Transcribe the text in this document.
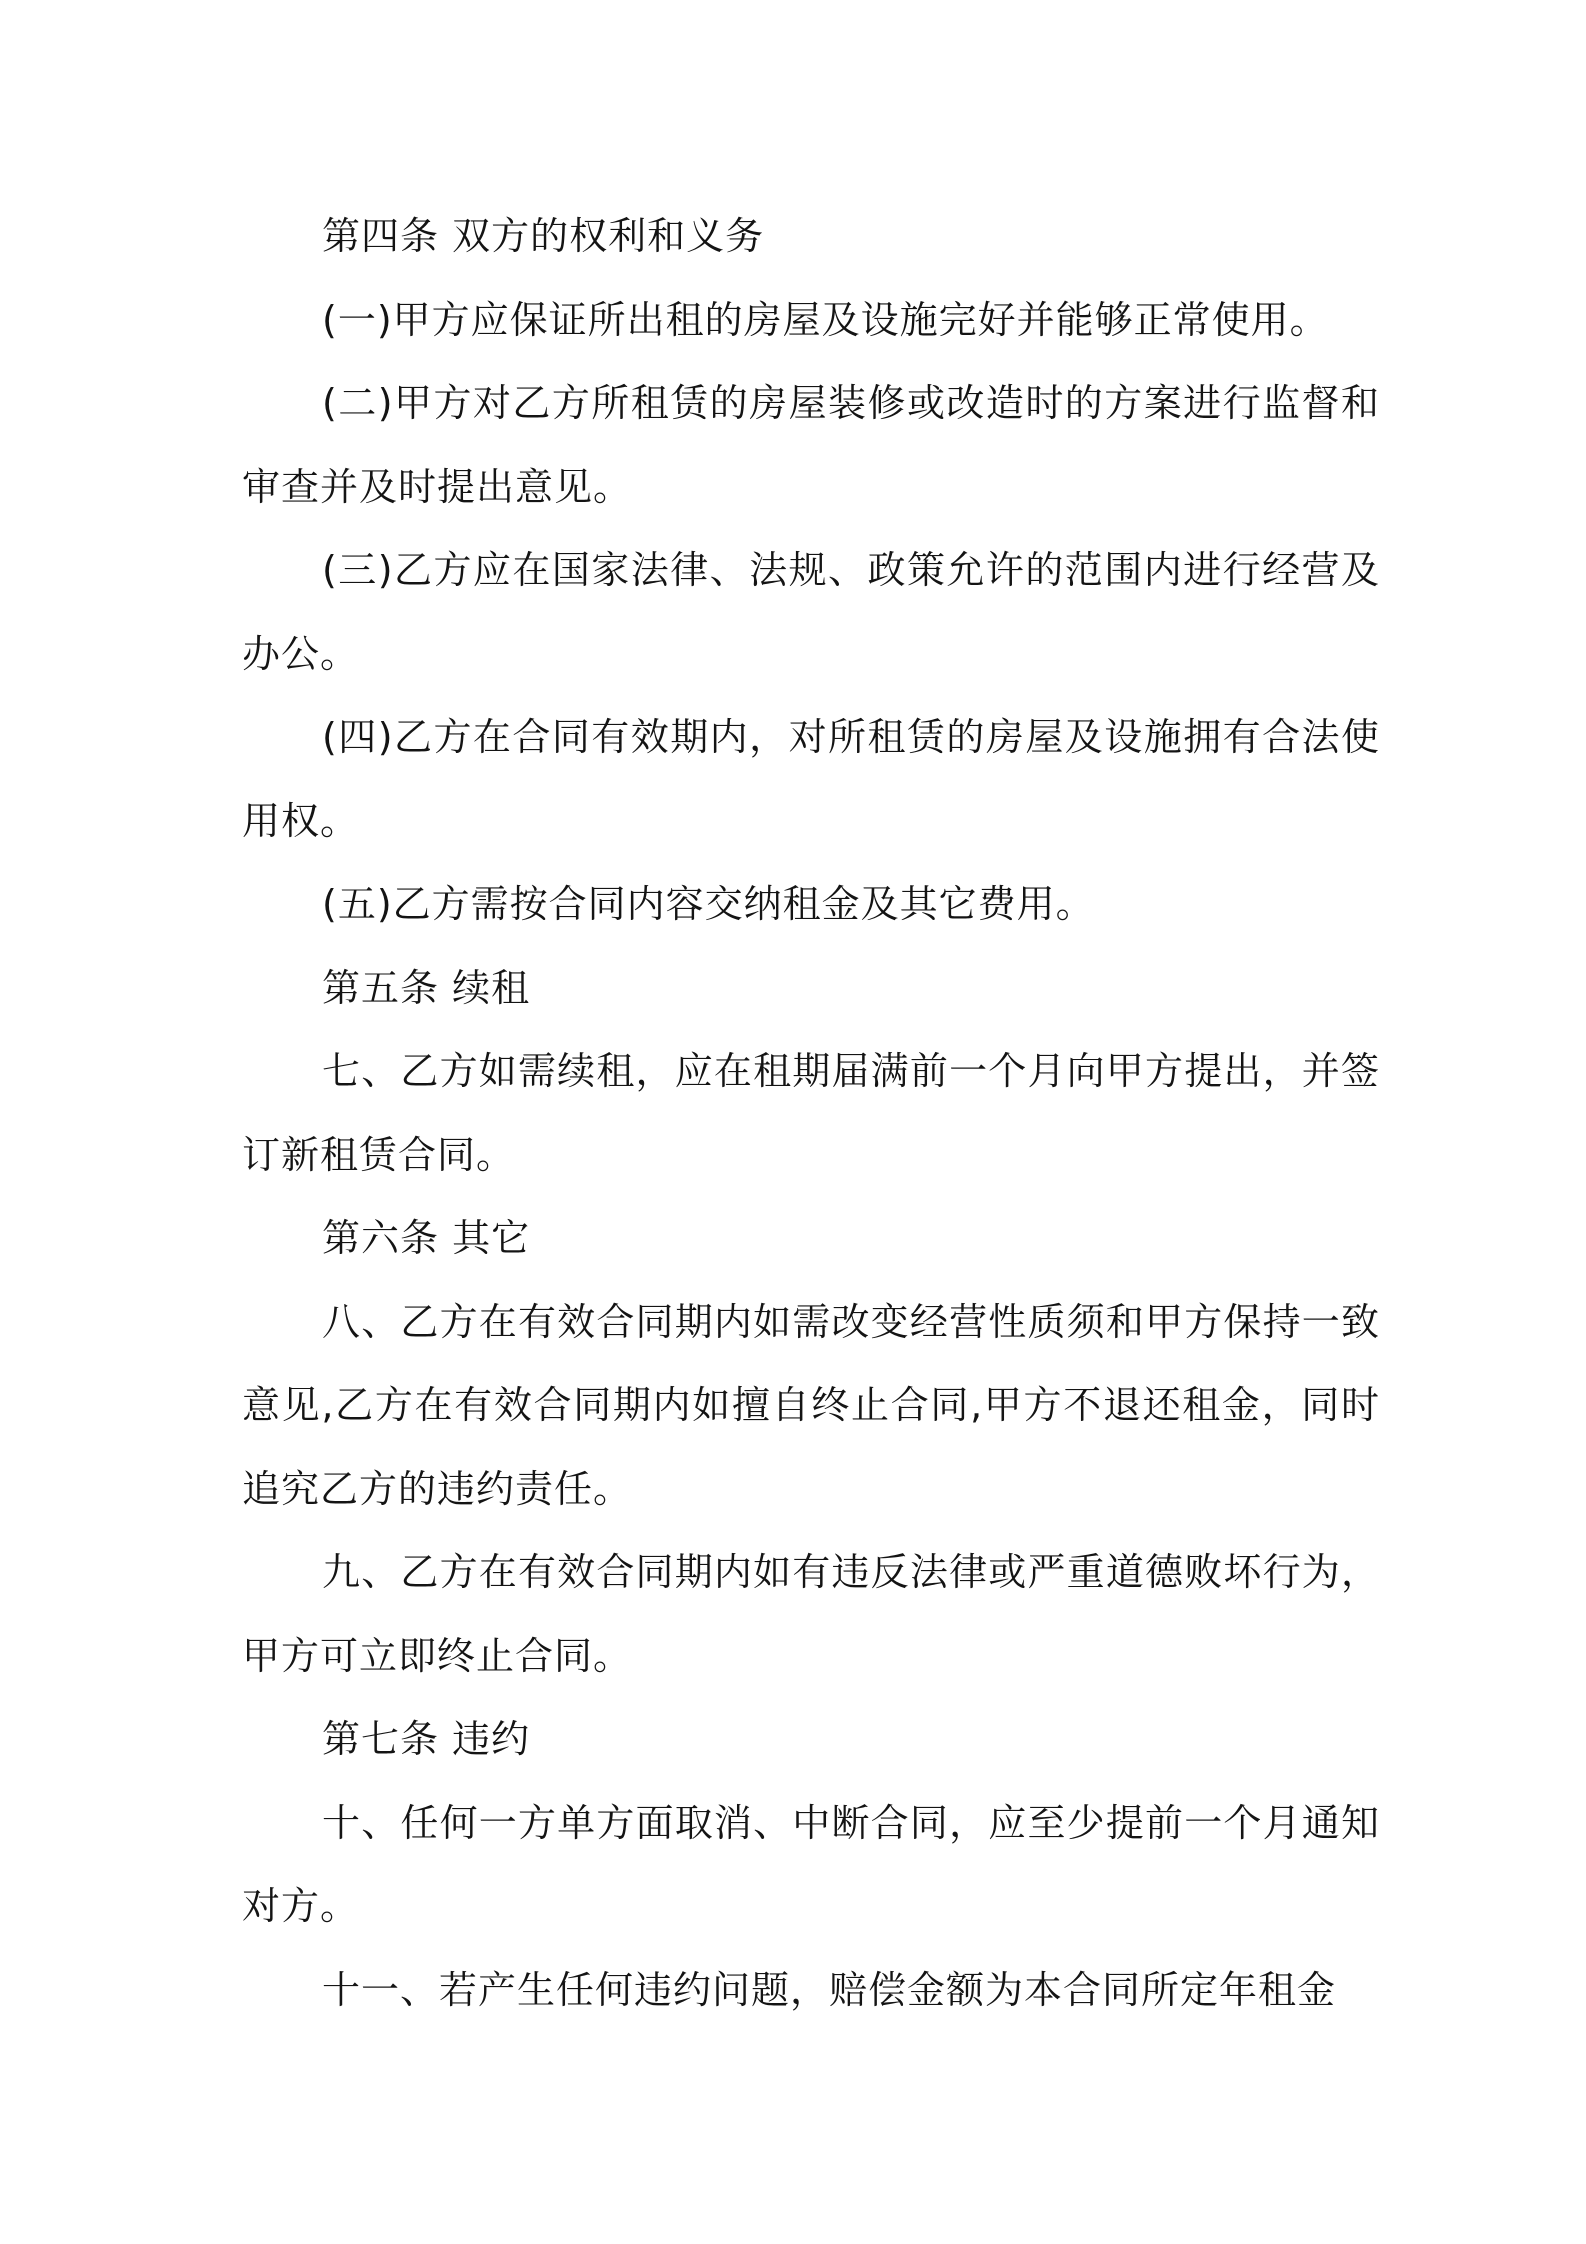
第四条 双方的权利和义务

(一)甲方应保证所出租的房屋及设施完好并能够正常使用。

(二)甲方对乙方所租赁的房屋装修或改造时的方案进行监督和审查并及时提出意见。

(三)乙方应在国家法律、法规、政策允许的范围内进行经营及办公。

(四)乙方在合同有效期内，对所租赁的房屋及设施拥有合法使用权。

(五)乙方需按合同内容交纳租金及其它费用。

第五条 续租

七、乙方如需续租，应在租期届满前一个月向甲方提出，并签订新租赁合同。

第六条 其它

八、乙方在有效合同期内如需改变经营性质须和甲方保持一致意见,乙方在有效合同期内如擅自终止合同,甲方不退还租金，同时追究乙方的违约责任。

九、乙方在有效合同期内如有违反法律或严重道德败坏行为，甲方可立即终止合同。

第七条 违约

十、任何一方单方面取消、中断合同，应至少提前一个月通知对方。

十一、若产生任何违约问题，赔偿金额为本合同所定年租金
